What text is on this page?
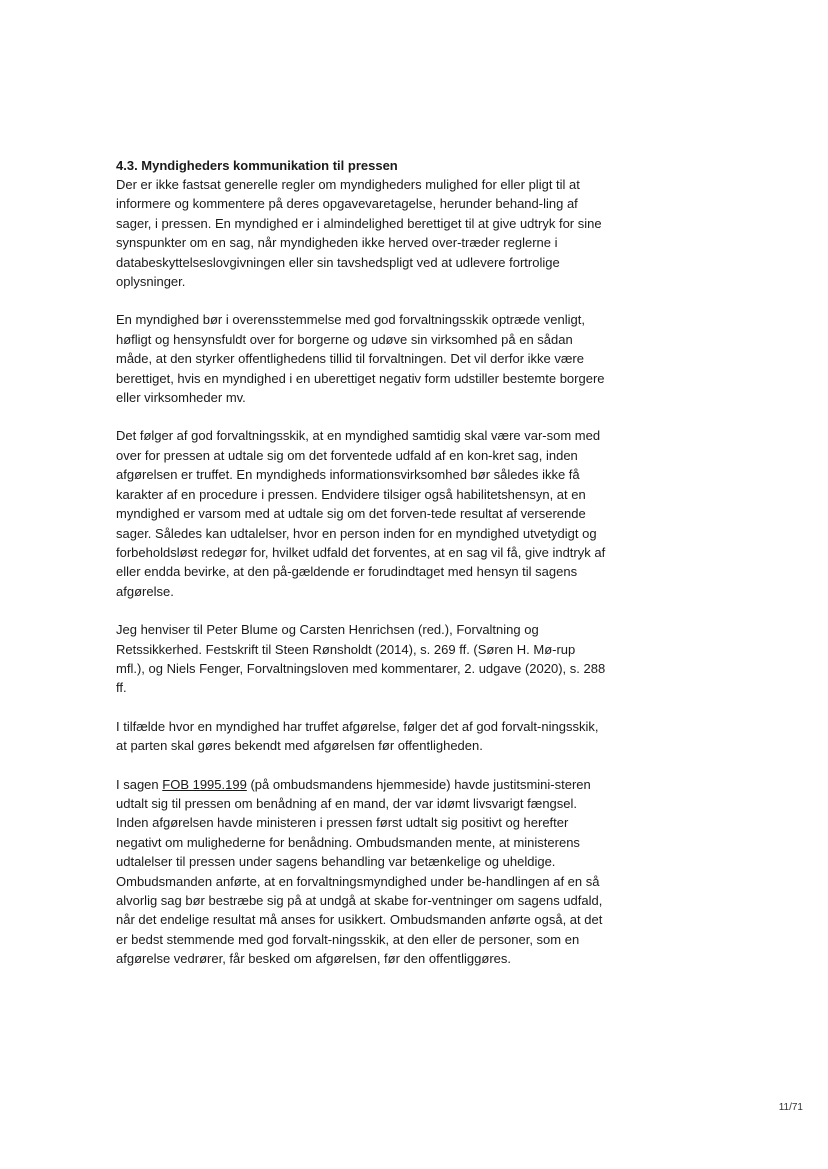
4.3. Myndigheders kommunikation til pressen

Der er ikke fastsat generelle regler om myndigheders mulighed for eller pligt til at informere og kommentere på deres opgavevaretagelse, herunder behand-ling af sager, i pressen. En myndighed er i almindelighed berettiget til at give udtryk for sine synspunkter om en sag, når myndigheden ikke herved over-træder reglerne i databeskyttelseslovgivningen eller sin tavshedspligt ved at udlevere fortrolige oplysninger.

En myndighed bør i overensstemmelse med god forvaltningsskik optræde venligt, høfligt og hensynsfuldt over for borgerne og udøve sin virksomhed på en sådan måde, at den styrker offentlighedens tillid til forvaltningen. Det vil derfor ikke være berettiget, hvis en myndighed i en uberettiget negativ form udstiller bestemte borgere eller virksomheder mv.

Det følger af god forvaltningsskik, at en myndighed samtidig skal være var-som med over for pressen at udtale sig om det forventede udfald af en kon-kret sag, inden afgørelsen er truffet. En myndigheds informationsvirksomhed bør således ikke få karakter af en procedure i pressen. Endvidere tilsiger også habilitetshensyn, at en myndighed er varsom med at udtale sig om det forven-tede resultat af verserende sager. Således kan udtalelser, hvor en person inden for en myndighed utvetydigt og forbeholdsløst redegør for, hvilket udfald det forventes, at en sag vil få, give indtryk af eller endda bevirke, at den på-gældende er forudindtaget med hensyn til sagens afgørelse.

Jeg henviser til Peter Blume og Carsten Henrichsen (red.), Forvaltning og Retssikkerhed. Festskrift til Steen Rønsholdt (2014), s. 269 ff. (Søren H. Mø-rup mfl.), og Niels Fenger, Forvaltningsloven med kommentarer, 2. udgave (2020), s. 288 ff.

I tilfælde hvor en myndighed har truffet afgørelse, følger det af god forvalt-ningsskik, at parten skal gøres bekendt med afgørelsen før offentligheden.

I sagen FOB 1995.199 (på ombudsmandens hjemmeside) havde justitsmini-steren udtalt sig til pressen om benådning af en mand, der var idømt livsvarigt fængsel. Inden afgørelsen havde ministeren i pressen først udtalt sig positivt og herefter negativt om mulighederne for benådning. Ombudsmanden mente, at ministerens udtalelser til pressen under sagens behandling var betænkelige og uheldige. Ombudsmanden anførte, at en forvaltningsmyndighed under be-handlingen af en så alvorlig sag bør bestræbe sig på at undgå at skabe for-ventninger om sagens udfald, når det endelige resultat må anses for usikkert. Ombudsmanden anførte også, at det er bedst stemmende med god forvalt-ningsskik, at den eller de personer, som en afgørelse vedrører, får besked om afgørelsen, før den offentliggøres.

11/71
